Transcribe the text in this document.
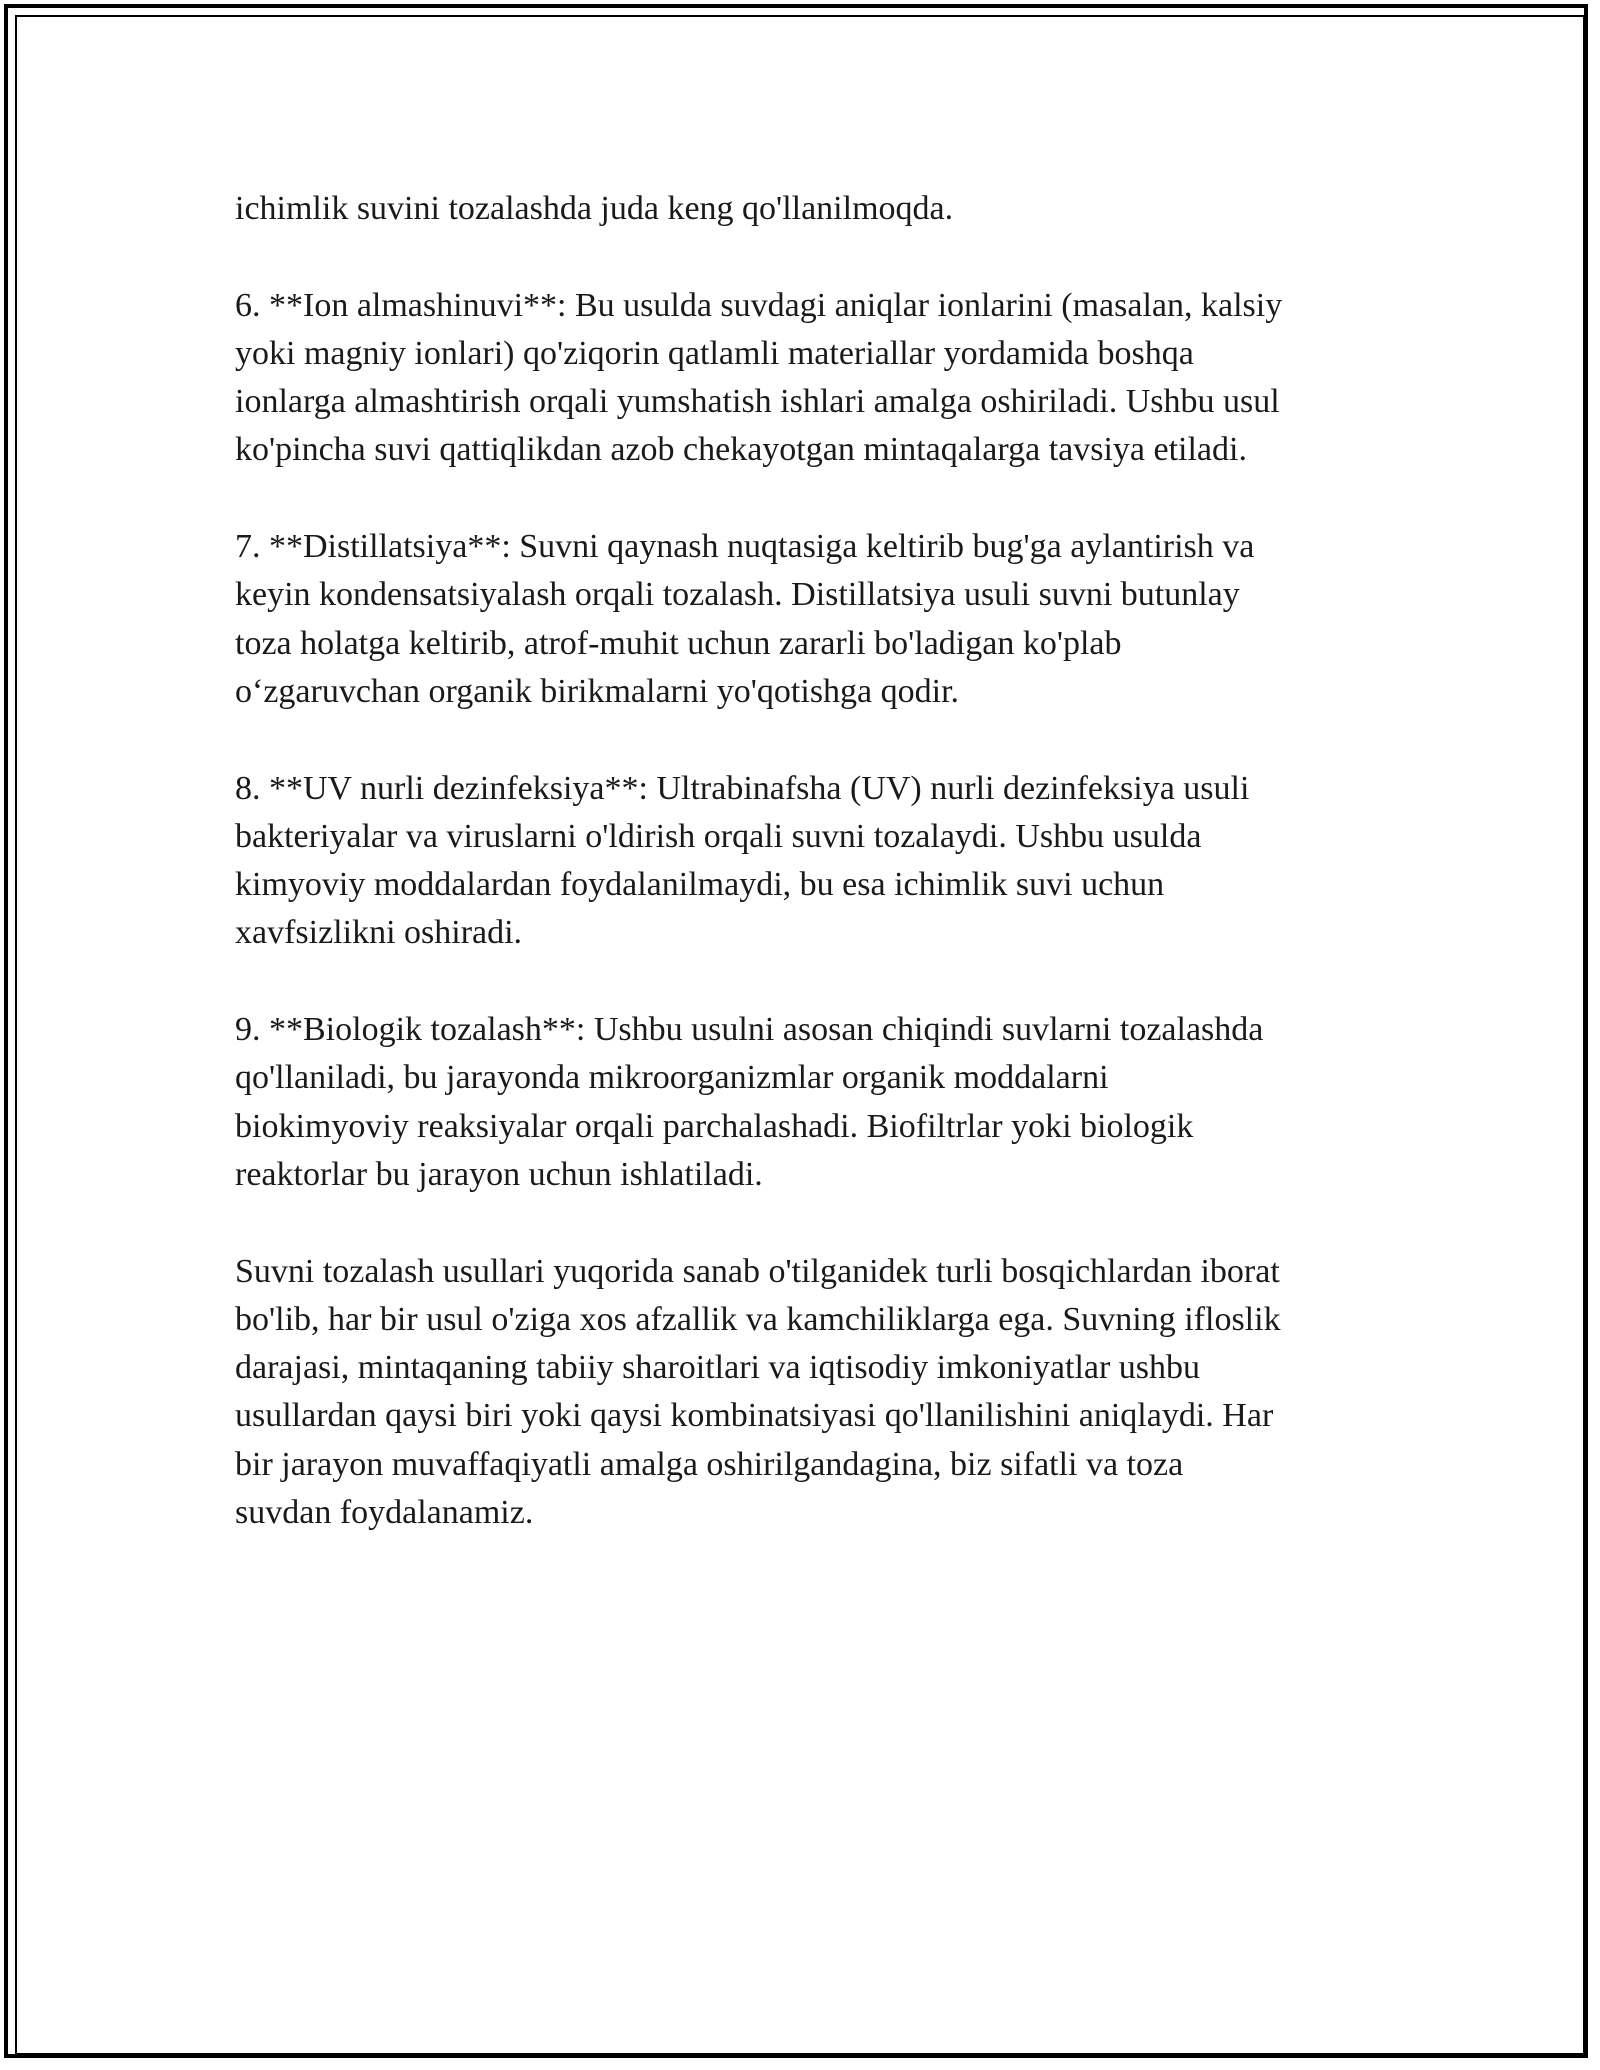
ichimlik suvini tozalashda juda keng qo'llanilmoqda.

6. **Ion almashinuvi**: Bu usulda suvdagi aniqlar ionlarini (masalan, kalsiy
yoki magniy ionlari) qo'ziqorin qatlamli materiallar yordamida boshqa
ionlarga almashtirish orqali yumshatish ishlari amalga oshiriladi. Ushbu usul
ko'pincha suvi qattiqlikdan azob chekayotgan mintaqalarga tavsiya etiladi.

7. **Distillatsiya**: Suvni qaynash nuqtasiga keltirib bug'ga aylantirish va
keyin kondensatsiyalash orqali tozalash. Distillatsiya usuli suvni butunlay
toza holatga keltirib, atrof-muhit uchun zararli bo'ladigan ko'plab
o‘zgaruvchan organik birikmalarni yo'qotishga qodir.

8. **UV nurli dezinfeksiya**: Ultrabinafsha (UV) nurli dezinfeksiya usuli
bakteriyalar va viruslarni o'ldirish orqali suvni tozalaydi. Ushbu usulda
kimyoviy moddalardan foydalanilmaydi, bu esa ichimlik suvi uchun
xavfsizlikni oshiradi.

9. **Biologik tozalash**: Ushbu usulni asosan chiqindi suvlarni tozalashda
qo'llaniladi, bu jarayonda mikroorganizmlar organik moddalarni
biokimyoviy reaksiyalar orqali parchalashadi. Biofiltrlar yoki biologik
reaktorlar bu jarayon uchun ishlatiladi.

Suvni tozalash usullari yuqorida sanab o'tilganidek turli bosqichlardan iborat
bo'lib, har bir usul o'ziga xos afzallik va kamchiliklarga ega. Suvning ifloslik
darajasi, mintaqaning tabiiy sharoitlari va iqtisodiy imkoniyatlar ushbu
usullardan qaysi biri yoki qaysi kombinatsiyasi qo'llanilishini aniqlaydi. Har
bir jarayon muvaffaqiyatli amalga oshirilgandagina, biz sifatli va toza
suvdan foydalanamiz.
